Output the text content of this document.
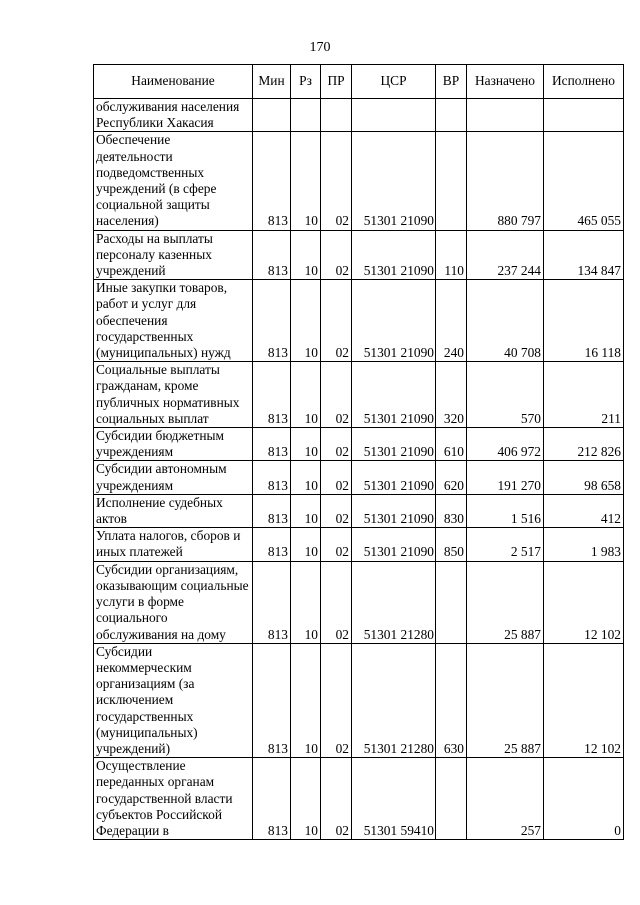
170
Наименование	Мин	Рз	ПР	ЦСР	ВР	Назначено	Исполнено
обслуживания населения Республики Хакасия							
Обеспечение деятельности подведомственных учреждений (в сфере социальной защиты населения)	813	10	02	51301 21090		880 797	465 055
Расходы на выплаты персоналу казенных учреждений	813	10	02	51301 21090	110	237 244	134 847
Иные закупки товаров, работ и услуг для обеспечения государственных (муниципальных) нужд	813	10	02	51301 21090	240	40 708	16 118
Социальные выплаты гражданам, кроме публичных нормативных социальных выплат	813	10	02	51301 21090	320	570	211
Субсидии бюджетным учреждениям	813	10	02	51301 21090	610	406 972	212 826
Субсидии автономным учреждениям	813	10	02	51301 21090	620	191 270	98 658
Исполнение судебных актов	813	10	02	51301 21090	830	1 516	412
Уплата налогов, сборов и иных платежей	813	10	02	51301 21090	850	2 517	1 983
Субсидии организациям, оказывающим социальные услуги в форме социального обслуживания на дому	813	10	02	51301 21280		25 887	12 102
Субсидии некоммерческим организациям (за исключением государственных (муниципальных) учреждений)	813	10	02	51301 21280	630	25 887	12 102
Осуществление переданных органам государственной власти субъектов Российской Федерации в	813	10	02	51301 59410		257	0
